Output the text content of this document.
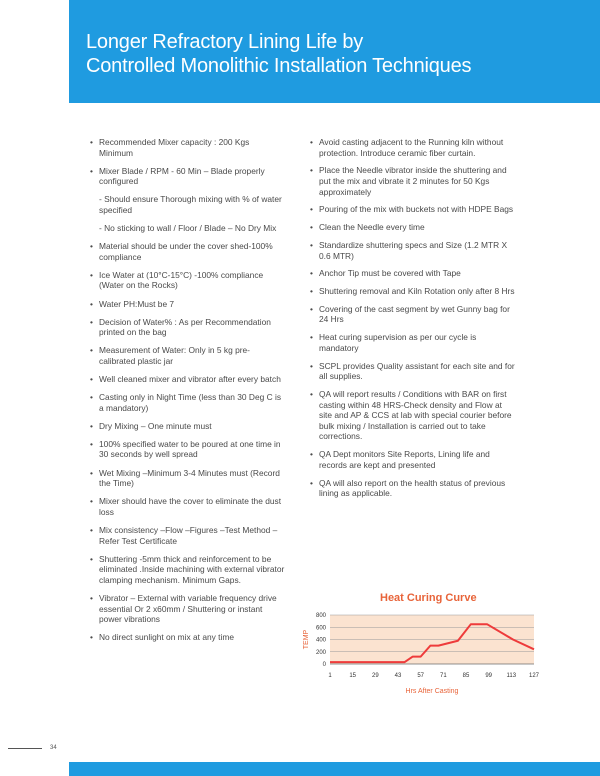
Longer Refractory Lining Life by
Controlled Monolithic Installation Techniques
• Recommended Mixer capacity : 200 Kgs Minimum
• Mixer Blade / RPM - 60 Min – Blade properly configured
- Should ensure Thorough mixing with % of water specified
- No sticking to wall / Floor / Blade – No Dry Mix
• Material should be under the cover shed-100% compliance
• Ice Water at (10°C-15°C) -100% compliance (Water on the Rocks)
• Water PH:Must be 7
• Decision of Water% : As per Recommendation printed on the bag
• Measurement of Water: Only in 5 kg pre-calibrated plastic jar
• Well cleaned mixer and vibrator after every batch
• Casting only in Night Time (less than 30 Deg C is a mandatory)
• Dry Mixing – One minute must
• 100% specified water to be poured at one time in 30 seconds by well spread
• Wet Mixing –Minimum 3-4 Minutes must (Record the Time)
• Mixer should have the cover to eliminate the dust loss
• Mix consistency –Flow –Figures –Test Method –Refer Test Certificate
• Shuttering -5mm thick and reinforcement to be eliminated .Inside machining with external vibrator clamping mechanism. Minimum Gaps.
• Vibrator – External with variable frequency drive essential Or 2 x60mm / Shuttering or instant power vibrations
• No direct sunlight on mix at any time
• Avoid casting adjacent to the Running kiln without protection. Introduce ceramic fiber curtain.
• Place the Needle vibrator inside the shuttering and put the mix and vibrate it 2 minutes for 50 Kgs approximately
• Pouring of the mix with buckets not with HDPE Bags
• Clean the Needle every time
• Standardize shuttering specs and Size (1.2 MTR X 0.6 MTR)
• Anchor Tip must be covered with Tape
• Shuttering removal and Kiln Rotation only after 8 Hrs
• Covering of the cast segment by wet Gunny bag for 24 Hrs
• Heat curing supervision as per our cycle is mandatory
• SCPL provides Quality assistant for each site and for all supplies.
• QA will report results / Conditions with BAR on first casting within 48 HRS-Check density and Flow at site and AP & CCS at lab with special courier before bulk mixing / Installation is carried out to take corrections.
• QA Dept monitors Site Reports, Lining life and records are kept and presented
• QA will also report on the health status of previous lining as applicable.
Heat Curing Curve
0
200
400
600
800
1	15	29	43	57	71	85	99 113 127
TEMP
Hrs After Casting
34
